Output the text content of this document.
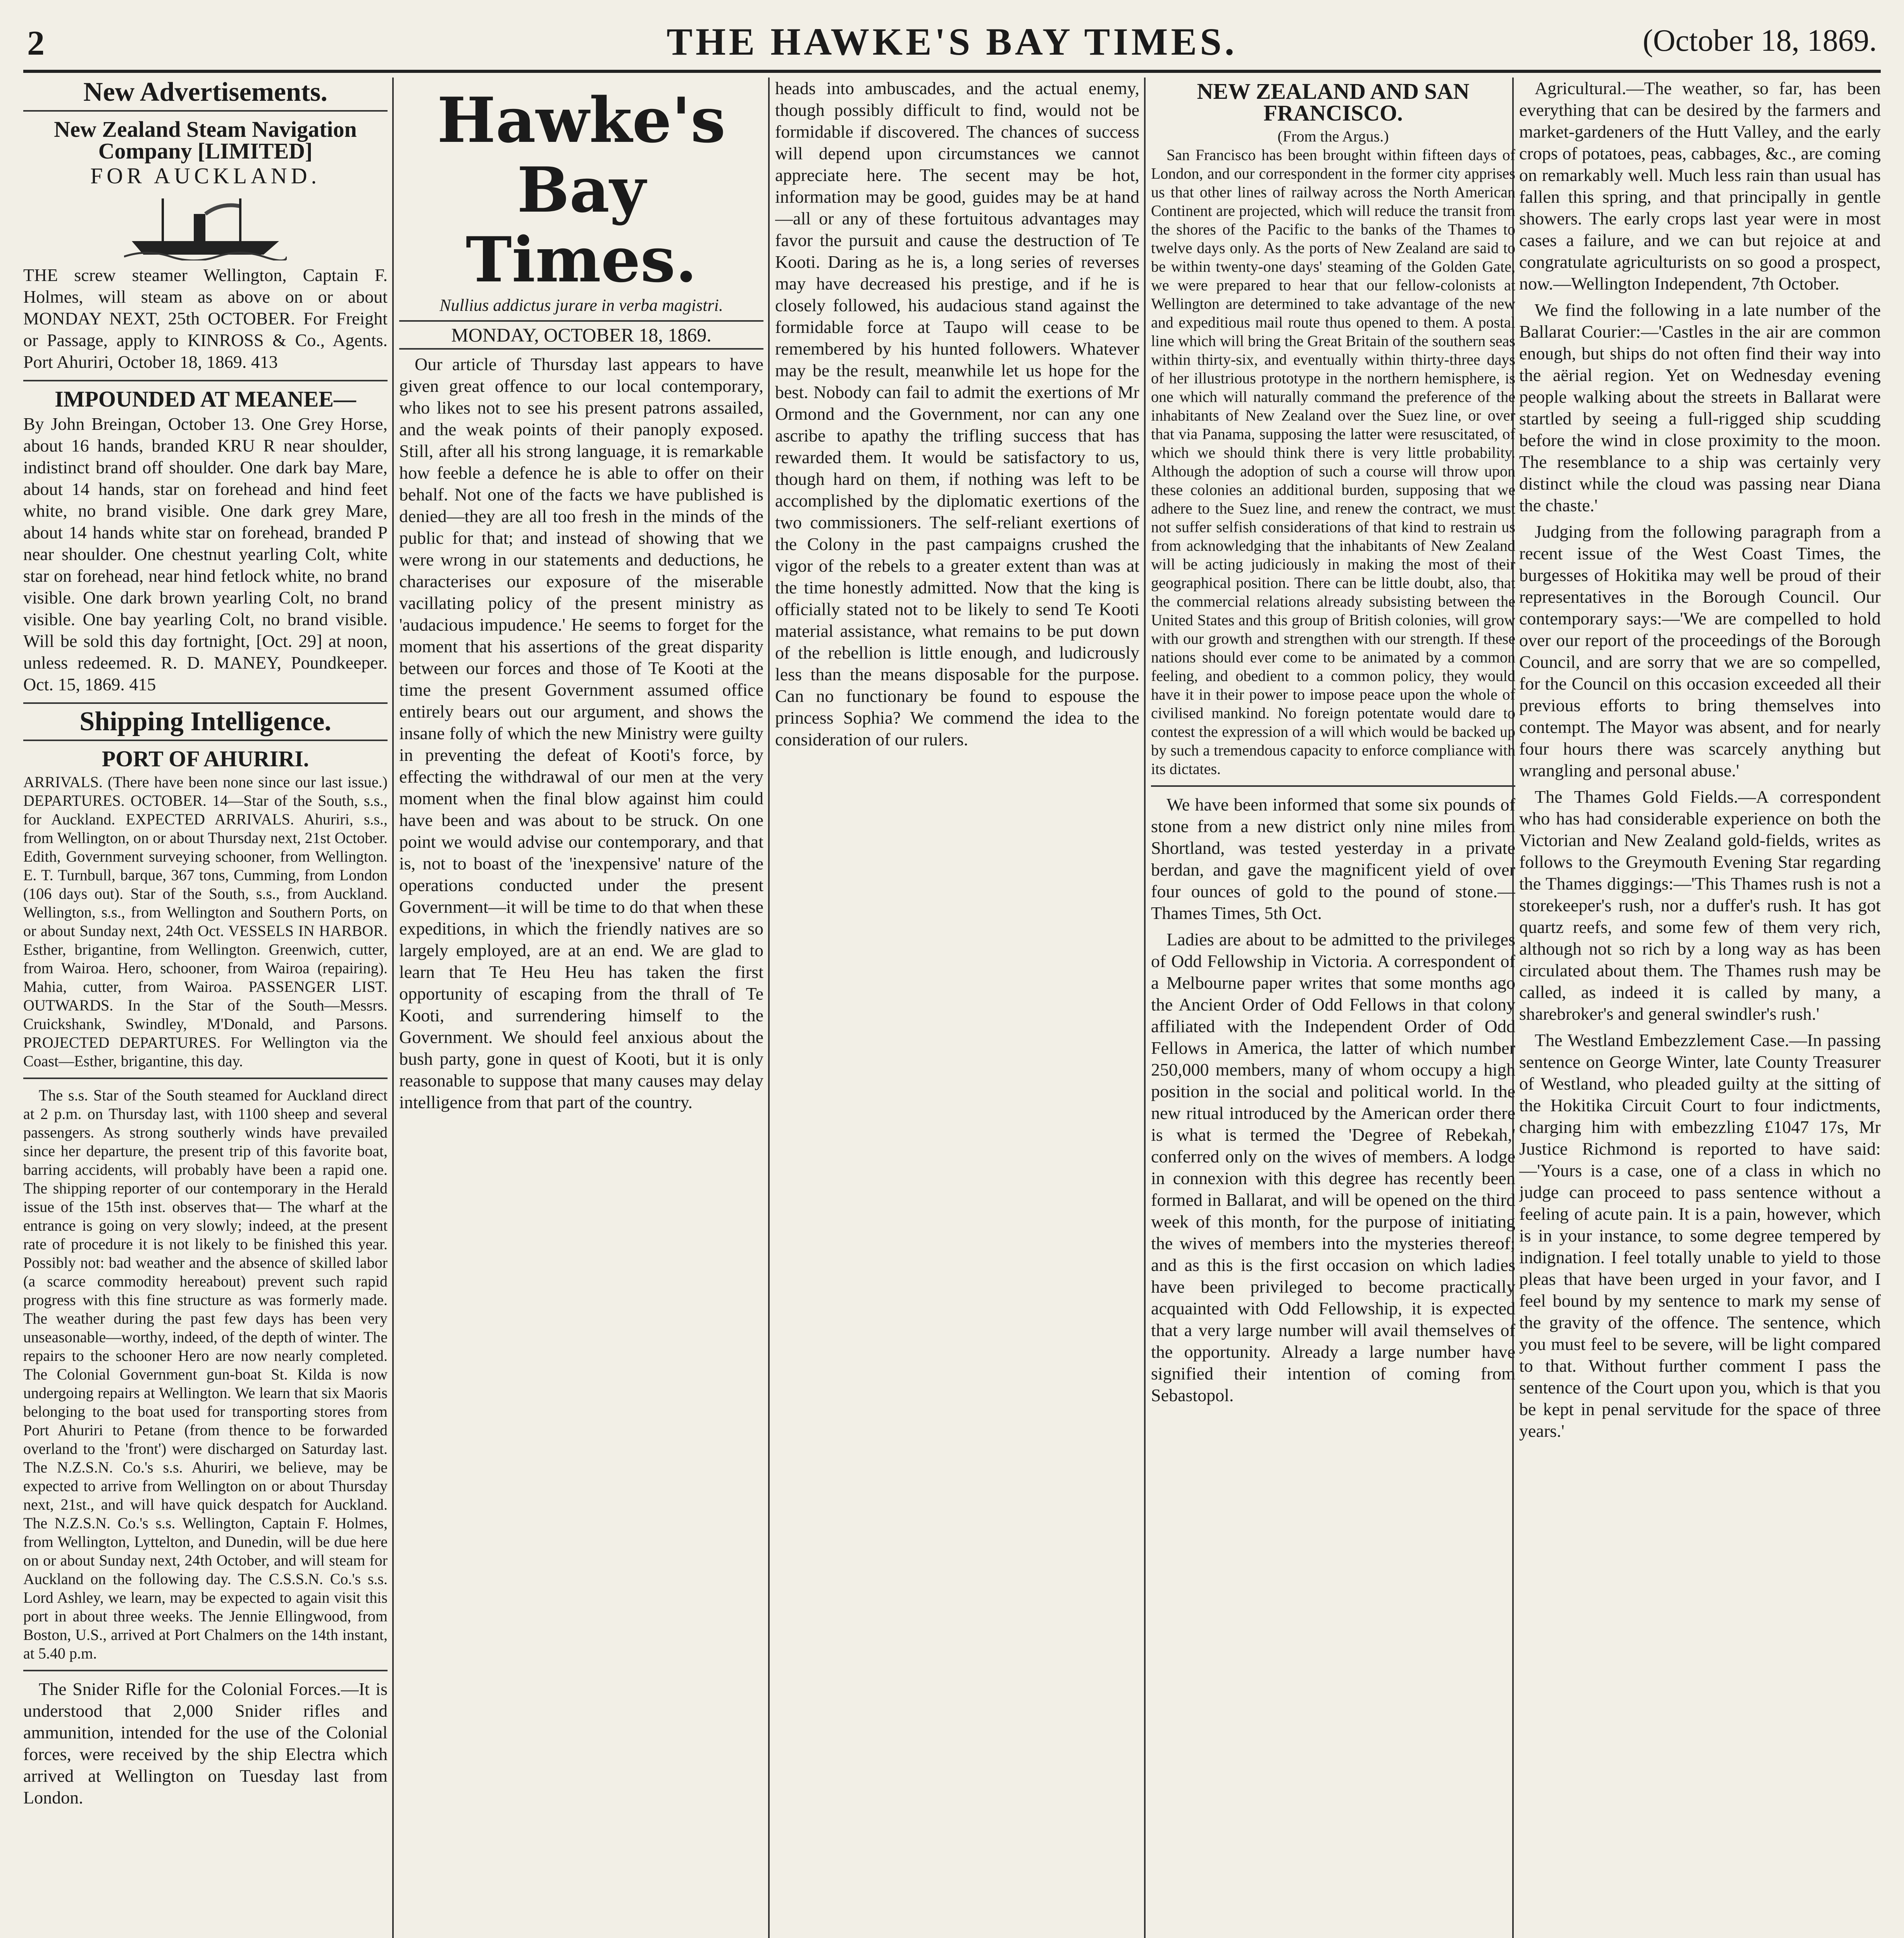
2	THE HAWKE'S BAY TIMES.	(October 18, 1869.
New Advertisements.
New Zealand Steam Navigation Company [LIMITED]
FOR AUCKLAND.

THE screw steamer Wellington, Captain F. Holmes, will steam as above on or about MONDAY NEXT, 25th OCTOBER. For Freight or Passage, apply to KINROSS & Co., Agents. Port Ahuriri, October 18, 1869. 413

IMPOUNDED AT MEANEE—

By John Breingan, October 13. One Grey Horse, about 16 hands, branded KRU R near shoulder, indistinct brand off shoulder. One dark bay Mare, about 14 hands, star on forehead and hind feet white, no brand visible. One dark grey Mare, about 14 hands white star on forehead, branded P near shoulder. One chestnut yearling Colt, white star on forehead, near hind fetlock white, no brand visible. One dark brown yearling Colt, no brand visible. One bay yearling Colt, no brand visible. Will be sold this day fortnight, [Oct. 29] at noon, unless redeemed. R. D. MANEY, Poundkeeper. Oct. 15, 1869. 415

Shipping Intelligence.
PORT OF AHURIRI.

ARRIVALS. (There have been none since our last issue.) DEPARTURES. OCTOBER. 14—Star of the South, s.s., for Auckland. EXPECTED ARRIVALS. Ahuriri, s.s., from Wellington, on or about Thursday next, 21st October. Edith, Government surveying schooner, from Wellington. E. T. Turnbull, barque, 367 tons, Cumming, from London (106 days out). Star of the South, s.s., from Auckland. Wellington, s.s., from Wellington and Southern Ports, on or about Sunday next, 24th Oct. VESSELS IN HARBOR. Esther, brigantine, from Wellington. Greenwich, cutter, from Wairoa. Hero, schooner, from Wairoa (repairing). Mahia, cutter, from Wairoa. PASSENGER LIST. OUTWARDS. In the Star of the South—Messrs. Cruickshank, Swindley, M'Donald, and Parsons. PROJECTED DEPARTURES. For Wellington via the Coast—Esther, brigantine, this day.

The s.s. Star of the South steamed for Auckland direct at 2 p.m. on Thursday last, with 1100 sheep and several passengers. As strong southerly winds have prevailed since her departure, the present trip of this favorite boat, barring accidents, will probably have been a rapid one. The shipping reporter of our contemporary in the Herald issue of the 15th inst. observes that— The wharf at the entrance is going on very slowly; indeed, at the present rate of procedure it is not likely to be finished this year. Possibly not: bad weather and the absence of skilled labor (a scarce commodity hereabout) prevent such rapid progress with this fine structure as was formerly made. The weather during the past few days has been very unseasonable—worthy, indeed, of the depth of winter. The repairs to the schooner Hero are now nearly completed. The Colonial Government gun-boat St. Kilda is now undergoing repairs at Wellington. We learn that six Maoris belonging to the boat used for transporting stores from Port Ahuriri to Petane (from thence to be forwarded overland to the 'front') were discharged on Saturday last. The N.Z.S.N. Co.'s s.s. Ahuriri, we believe, may be expected to arrive from Wellington on or about Thursday next, 21st., and will have quick despatch for Auckland. The N.Z.S.N. Co.'s s.s. Wellington, Captain F. Holmes, from Wellington, Lyttelton, and Dunedin, will be due here on or about Sunday next, 24th October, and will steam for Auckland on the following day. The C.S.S.N. Co.'s s.s. Lord Ashley, we learn, may be expected to again visit this port in about three weeks. The Jennie Ellingwood, from Boston, U.S., arrived at Port Chalmers on the 14th instant, at 5.40 p.m.

The Snider Rifle for the Colonial Forces.—It is understood that 2,000 Snider rifles and ammunition, intended for the use of the Colonial forces, were received by the ship Electra which arrived at Wellington on Tuesday last from London.

Hawke's Bay Times.
Nullius addictus jurare in verba magistri.
MONDAY, OCTOBER 18, 1869.

Our article of Thursday last appears to have given great offence to our local contemporary, who likes not to see his present patrons assailed, and the weak points of their panoply exposed. Still, after all his strong language, it is remarkable how feeble a defence he is able to offer on their behalf. Not one of the facts we have published is denied—they are all too fresh in the minds of the public for that; and instead of showing that we were wrong in our statements and deductions, he characterises our exposure of the miserable vacillating policy of the present ministry as 'audacious impudence.' He seems to forget for the moment that his assertions of the great disparity between our forces and those of Te Kooti at the time the present Government assumed office entirely bears out our argument, and shows the insane folly of which the new Ministry were guilty in preventing the defeat of Kooti's force, by effecting the withdrawal of our men at the very moment when the final blow against him could have been and was about to be struck. On one point we would advise our contemporary, and that is, not to boast of the 'inexpensive' nature of the operations conducted under the present Government—it will be time to do that when these expeditions, in which the friendly natives are so largely employed, are at an end. We are glad to learn that Te Heu Heu has taken the first opportunity of escaping from the thrall of Te Kooti, and surrendering himself to the Government. We should feel anxious about the bush party, gone in quest of Kooti, but it is only reasonable to suppose that many causes may delay intelligence from that part of the country.

heads into ambuscades, and the actual enemy, though possibly difficult to find, would not be formidable if discovered. The chances of success will depend upon circumstances we cannot appreciate here. The secent may be hot, information may be good, guides may be at hand—all or any of these fortuitous advantages may favor the pursuit and cause the destruction of Te Kooti. Daring as he is, a long series of reverses may have decreased his prestige, and if he is closely followed, his audacious stand against the formidable force at Taupo will cease to be remembered by his hunted followers. Whatever may be the result, meanwhile let us hope for the best. Nobody can fail to admit the exertions of Mr Ormond and the Government, nor can any one ascribe to apathy the trifling success that has rewarded them. It would be satisfactory to us, though hard on them, if nothing was left to be accomplished by the diplomatic exertions of the two commissioners. The self-reliant exertions of the Colony in the past campaigns crushed the vigor of the rebels to a greater extent than was at the time honestly admitted. Now that the king is officially stated not to be likely to send Te Kooti material assistance, what remains to be put down of the rebellion is little enough, and ludicrously less than the means disposable for the purpose. Can no functionary be found to espouse the princess Sophia? We commend the idea to the consideration of our rulers.

NEW ZEALAND AND SAN FRANCISCO.
(From the Argus.)

San Francisco has been brought within fifteen days of London, and our correspondent in the former city apprises us that other lines of railway across the North American Continent are projected, which will reduce the transit from the shores of the Pacific to the banks of the Thames to twelve days only. As the ports of New Zealand are said to be within twenty-one days' steaming of the Golden Gate, we were prepared to hear that our fellow-colonists at Wellington are determined to take advantage of the new and expeditious mail route thus opened to them. A postal line which will bring the Great Britain of the southern seas within thirty-six, and eventually within thirty-three days of her illustrious prototype in the northern hemisphere, is one which will naturally command the preference of the inhabitants of New Zealand over the Suez line, or over that via Panama, supposing the latter were resuscitated, of which we should think there is very little probability. Although the adoption of such a course will throw upon these colonies an additional burden, supposing that we adhere to the Suez line, and renew the contract, we must not suffer selfish considerations of that kind to restrain us from acknowledging that the inhabitants of New Zealand will be acting judiciously in making the most of their geographical position. There can be little doubt, also, that the commercial relations already subsisting between the United States and this group of British colonies, will grow with our growth and strengthen with our strength. If these nations should ever come to be animated by a common feeling, and obedient to a common policy, they would have it in their power to impose peace upon the whole of civilised mankind. No foreign potentate would dare to contest the expression of a will which would be backed up by such a tremendous capacity to enforce compliance with its dictates.

We have been informed that some six pounds of stone from a new district only nine miles from Shortland, was tested yesterday in a private berdan, and gave the magnificent yield of over four ounces of gold to the pound of stone.—Thames Times, 5th Oct.

Ladies are about to be admitted to the privileges of Odd Fellowship in Victoria. A correspondent of a Melbourne paper writes that some months ago the Ancient Order of Odd Fellows in that colony affiliated with the Independent Order of Odd Fellows in America, the latter of which number 250,000 members, many of whom occupy a high position in the social and political world. In the new ritual introduced by the American order there is what is termed the 'Degree of Rebekah,' conferred only on the wives of members. A lodge in connexion with this degree has recently been formed in Ballarat, and will be opened on the third week of this month, for the purpose of initiating the wives of members into the mysteries thereof; and as this is the first occasion on which ladies have been privileged to become practically acquainted with Odd Fellowship, it is expected that a very large number will avail themselves of the opportunity. Already a large number have signified their intention of coming from Sebastopol.

Agricultural.—The weather, so far, has been everything that can be desired by the farmers and market-gardeners of the Hutt Valley, and the early crops of potatoes, peas, cabbages, &c., are coming on remarkably well. Much less rain than usual has fallen this spring, and that principally in gentle showers. The early crops last year were in most cases a failure, and we can but rejoice at and congratulate agriculturists on so good a prospect, now.—Wellington Independent, 7th October.

We find the following in a late number of the Ballarat Courier:—'Castles in the air are common enough, but ships do not often find their way into the aërial region. Yet on Wednesday evening people walking about the streets in Ballarat were startled by seeing a full-rigged ship scudding before the wind in close proximity to the moon. The resemblance to a ship was certainly very distinct while the cloud was passing near Diana the chaste.'

Judging from the following paragraph from a recent issue of the West Coast Times, the burgesses of Hokitika may well be proud of their representatives in the Borough Council. Our contemporary says:—'We are compelled to hold over our report of the proceedings of the Borough Council, and are sorry that we are so compelled, for the Council on this occasion exceeded all their previous efforts to bring themselves into contempt. The Mayor was absent, and for nearly four hours there was scarcely anything but wrangling and personal abuse.'

The Thames Gold Fields.—A correspondent who has had considerable experience on both the Victorian and New Zealand gold-fields, writes as follows to the Greymouth Evening Star regarding the Thames diggings:—'This Thames rush is not a storekeeper's rush, nor a duffer's rush. It has got quartz reefs, and some few of them very rich, although not so rich by a long way as has been circulated about them. The Thames rush may be called, as indeed it is called by many, a sharebroker's and general swindler's rush.'

The Westland Embezzlement Case.—In passing sentence on George Winter, late County Treasurer of Westland, who pleaded guilty at the sitting of the Hokitika Circuit Court to four indictments, charging him with embezzling £1047 17s, Mr Justice Richmond is reported to have said:—'Yours is a case, one of a class in which no judge can proceed to pass sentence without a feeling of acute pain. It is a pain, however, which is in your instance, to some degree tempered by indignation. I feel totally unable to yield to those pleas that have been urged in your favor, and I feel bound by my sentence to mark my sense of the gravity of the offence. The sentence, which you must feel to be severe, will be light compared to that. Without further comment I pass the sentence of the Court upon you, which is that you be kept in penal servitude for the space of three years.'
